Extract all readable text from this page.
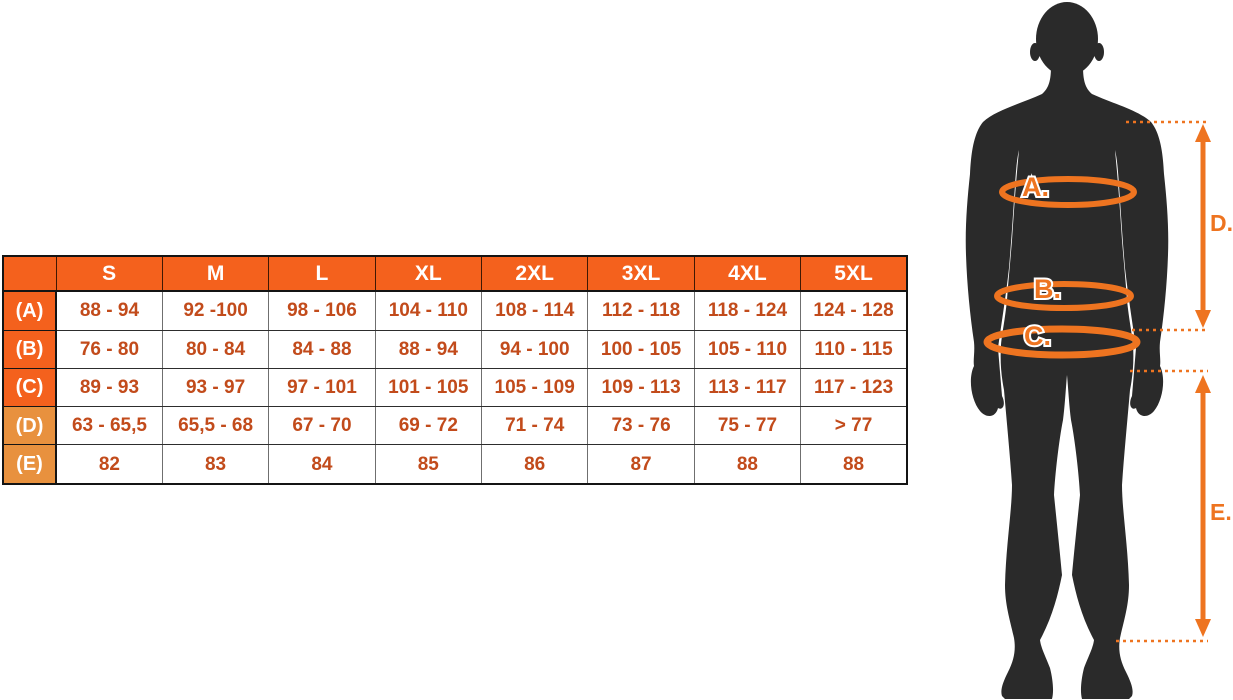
	S	M	L	XL	2XL	3XL	4XL	5XL
(A)	88 - 94	92 -100	98 - 106	104 - 110	108 - 114	112 - 118	118 - 124	124 - 128
(B)	76 - 80	80 - 84	84 - 88	88 - 94	94 - 100	100 - 105	105 - 110	110 - 115
(C)	89 - 93	93 - 97	97 - 101	101 - 105	105 - 109	109 - 113	113 - 117	117 - 123
(D)	63 - 65,5	65,5 - 68	67 - 70	69 - 72	71 - 74	73 - 76	75 - 77	> 77
(E)	82	83	84	85	86	87	88	88
A.
B.
C.
D.
E.
